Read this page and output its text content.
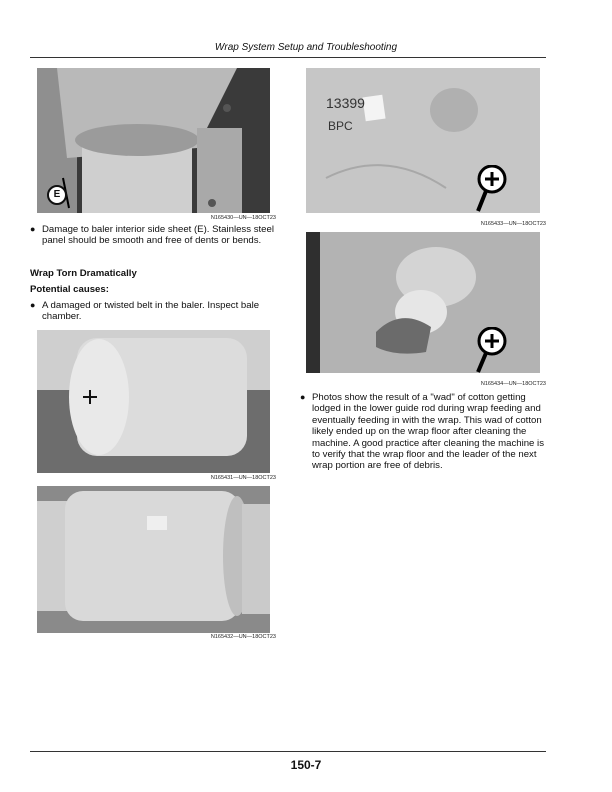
Wrap System Setup and Troubleshooting
E
N165430—UN—18OCT23
● Damage to baler interior side sheet (E). Stainless steel panel should be smooth and free of dents or bends.
Wrap Torn Dramatically
Potential causes:
● A damaged or twisted belt in the baler. Inspect bale chamber.
N165431—UN—18OCT23
N165432—UN—18OCT23
13399
BPC
N165433—UN—18OCT23
N165434—UN—18OCT23
● Photos show the result of a "wad" of cotton getting lodged in the lower guide rod during wrap feeding and eventually feeding in with the wrap. This wad of cotton likely ended up on the wrap floor after cleaning the machine. A good practice after cleaning the machine is to verify that the wrap floor and the leader of the next wrap portion are free of debris.
150-7
